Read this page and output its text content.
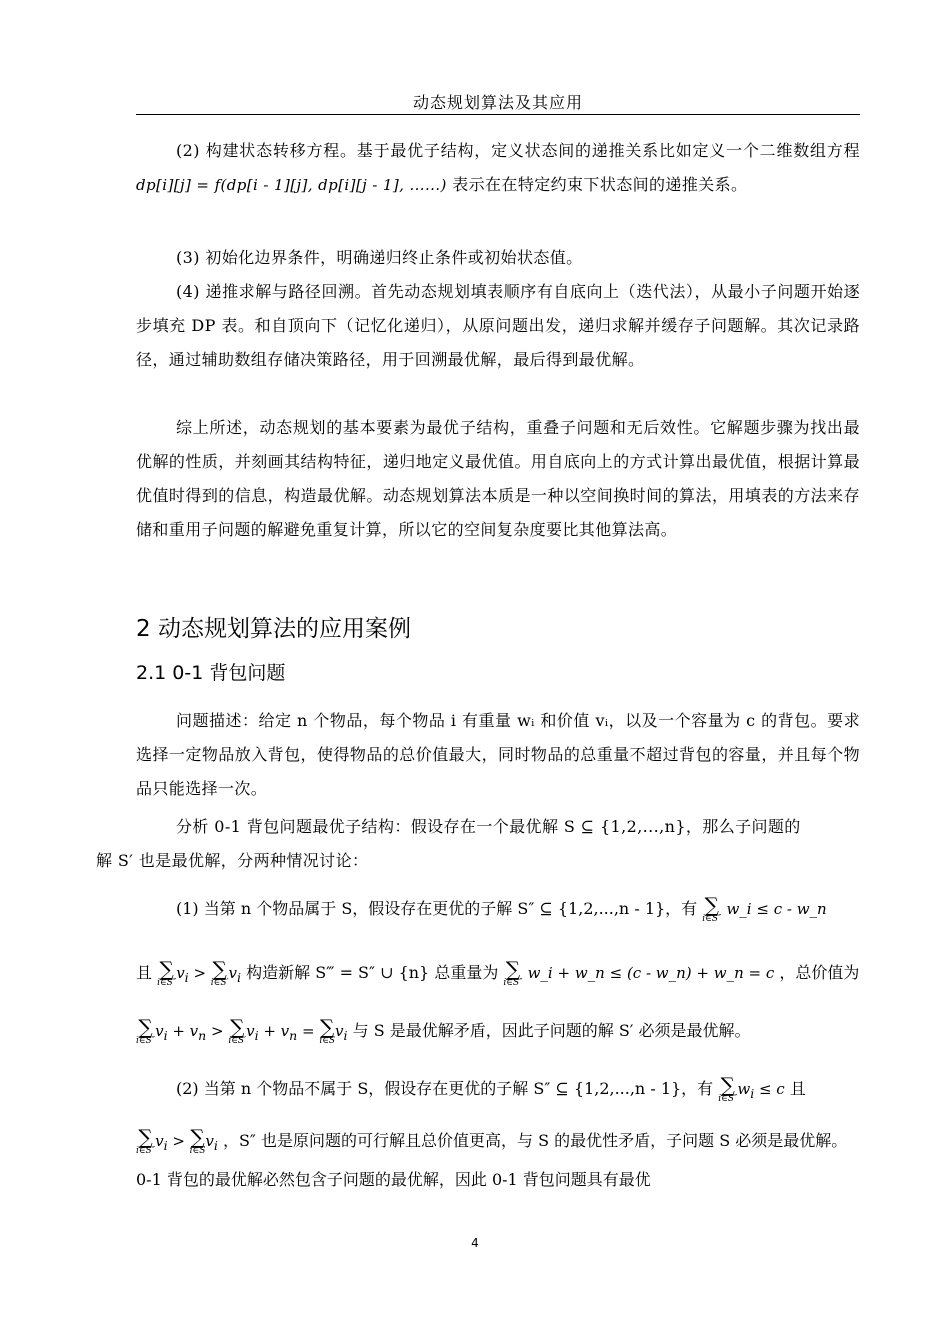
动态规划算法及其应用

(2) 构建状态转移方程。基于最优子结构，定义状态间的递推关系比如定义一个二维数组方程 dp[i][j] = f(dp[i - 1][j], dp[i][j - 1], ......) 表示在在特定约束下状态间的递推关系。

(3) 初始化边界条件，明确递归终止条件或初始状态值。

(4) 递推求解与路径回溯。首先动态规划填表顺序有自底向上（迭代法），从最小子问题开始逐步填充 DP 表。和自顶向下（记忆化递归），从原问题出发，递归求解并缓存子问题解。其次记录路径，通过辅助数组存储决策路径，用于回溯最优解，最后得到最优解。

综上所述，动态规划的基本要素为最优子结构，重叠子问题和无后效性。它解题步骤为找出最优解的性质，并刻画其结构特征，递归地定义最优值。用自底向上的方式计算出最优值，根据计算最优值时得到的信息，构造最优解。动态规划算法本质是一种以空间换时间的算法，用填表的方法来存储和重用子问题的解避免重复计算，所以它的空间复杂度要比其他算法高。

2 动态规划算法的应用案例
2.1 0-1 背包问题

问题描述：给定 n 个物品，每个物品 i 有重量 wᵢ 和价值 vᵢ，以及一个容量为 c 的背包。要求选择一定物品放入背包，使得物品的总价值最大，同时物品的总重量不超过背包的容量，并且每个物品只能选择一次。

分析 0-1 背包问题最优子结构：假设存在一个最优解 S ⊆ {1,2,...,n}，那么子问题的
解 S′ 也是最优解，分两种情况讨论：

(1) 当第 n 个物品属于 S，假设存在更优的子解 S″ ⊆ {1,2,...,n - 1}，有 ∑
i∈S″
w_i ≤ c - w_n
且 ∑
i∈S″
$v_i$ > ∑
i∈S′
$v_i$ 构造新解 S‴ = S″ ∪ {n} 总重量为 ∑
i∈S″
w_i + w_n ≤ (c - w_n) + w_n = c ，总价值为
∑
i∈S″
$v_i + v_n$ > ∑
i∈S′
$v_i + v_n$ = ∑
i∈S
$v_i$ 与 S 是最优解矛盾，因此子问题的解 S′ 必须是最优解。
(2) 当第 n 个物品不属于 S，假设存在更优的子解 S″ ⊆ {1,2,...,n - 1}，有 ∑
i∈S″
$w_i \le c$ 且
∑
i∈S″
$v_i$ > ∑
i∈S
$v_i$ ，S″ 也是原问题的可行解且总价值更高，与 S 的最优性矛盾，子问题 S 必须是最优解。0-1 背包的最优解必然包含子问题的最优解，因此 0-1 背包问题具有最优
4
